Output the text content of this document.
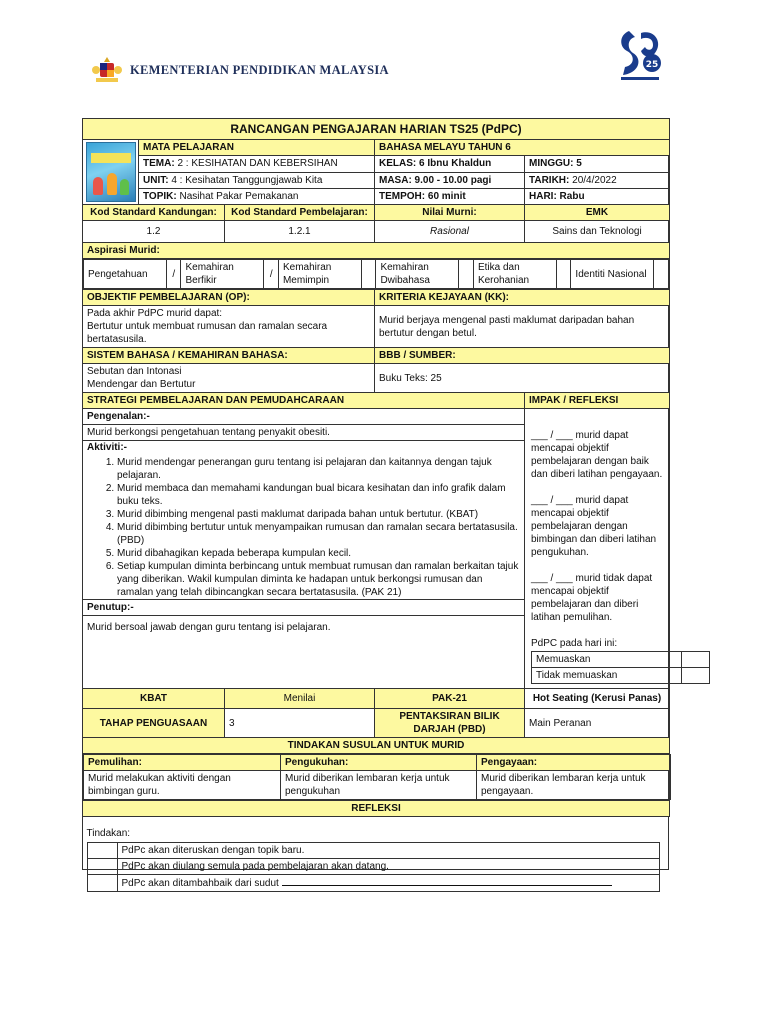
KEMENTERIAN PENDIDIKAN MALAYSIA	25
RANCANGAN PENGAJARAN HARIAN TS25 (PdPC)

	MATA PELAJARAN	BAHASA MELAYU TAHUN 6
TEMA: 2 : KESIHATAN DAN KEBERSIHAN	KELAS: 6 Ibnu Khaldun	MINGGU: 5
UNIT: 4 : Kesihatan Tanggungjawab Kita	MASA: 9.00 - 10.00 pagi	TARIKH: 20/4/2022
TOPIK: Nasihat Pakar Pemakanan	TEMPOH: 60 minit	HARI: Rabu
Kod Standard Kandungan:	Kod Standard Pembelajaran:	Nilai Murni:	EMK
1.2	1.2.1	Rasional	Sains dan Teknologi
Aspirasi Murid:

Pengetahuan	/	Kemahiran Berfikir	/	Kemahiran Memimpin		Kemahiran Dwibahasa		Etika dan Kerohanian		Identiti Nasional	

OBJEKTIF PEMBELAJARAN (OP):	KRITERIA KEJAYAAN (KK):

Pada akhir PdPC murid dapat:
Bertutur untuk membuat rumusan dan ramalan secara bertatasusila.
	Murid berjaya mengenal pasti maklumat daripadan bahan bertutur dengan betul.
SISTEM BAHASA / KEMAHIRAN BAHASA:	BBB / SUMBER:

Sebutan dan Intonasi
Mendengar dan Bertutur
	Buku Teks: 25
STRATEGI PEMBELAJARAN DAN PEMUDAHCARAAN	IMPAK / REFLEKSI

Pengenalan:-
Murid berkongsi pengetahuan tentang penyakit obesiti.
Aktiviti:-
1. Murid mendengar penerangan guru tentang isi pelajaran dan kaitannya dengan tajuk pelajaran.
2. Murid membaca dan memahami kandungan bual bicara kesihatan dan info grafik dalam buku teks.
3. Murid dibimbing mengenal pasti maklumat daripada bahan untuk bertutur. (KBAT)
4. Murid dibimbing bertutur untuk menyampaikan rumusan dan ramalan secara bertatasusila. (PBD)
5. Murid dibahagikan kepada beberapa kumpulan kecil.
6. Setiap kumpulan diminta berbincang untuk membuat rumusan dan ramalan berkaitan tajuk yang diberikan. Wakil kumpulan diminta ke hadapan untuk berkongsi rumusan dan ramalan yang telah dibincangkan secara bertatasusila. (PAK 21)
Penutup:-
Murid bersoal jawab dengan guru tentang isi pelajaran.

___ / ___ murid dapat mencapai objektif pembelajaran dengan baik dan diberi latihan pengayaan.
___ / ___ murid dapat mencapai objektif pembelajaran dengan bimbingan dan diberi latihan pengukuhan.
___ / ___ murid tidak dapat mencapai objektif pembelajaran dan diberi latihan pemulihan.
PdPC pada hari ini:
Memuaskan	
Tidak memuaskan	

KBAT	Menilai	PAK-21	Hot Seating (Kerusi Panas)
TAHAP PENGUASAAN	3	PENTAKSIRAN BILIK DARJAH (PBD)	Main Peranan
TINDAKAN SUSULAN UNTUK MURID

Pemulihan:	Pengukuhan:	Pengayaan:
Murid melakukan aktiviti dengan bimbingan guru.	Murid diberikan lembaran kerja untuk pengukuhan	Murid diberikan lembaran kerja untuk pengayaan.

REFLEKSI

Tindakan:
	PdPc akan diteruskan dengan topik baru.
	PdPc akan diulang semula pada pembelajaran akan datang.
	PdPc akan ditambahbaik dari sudut
